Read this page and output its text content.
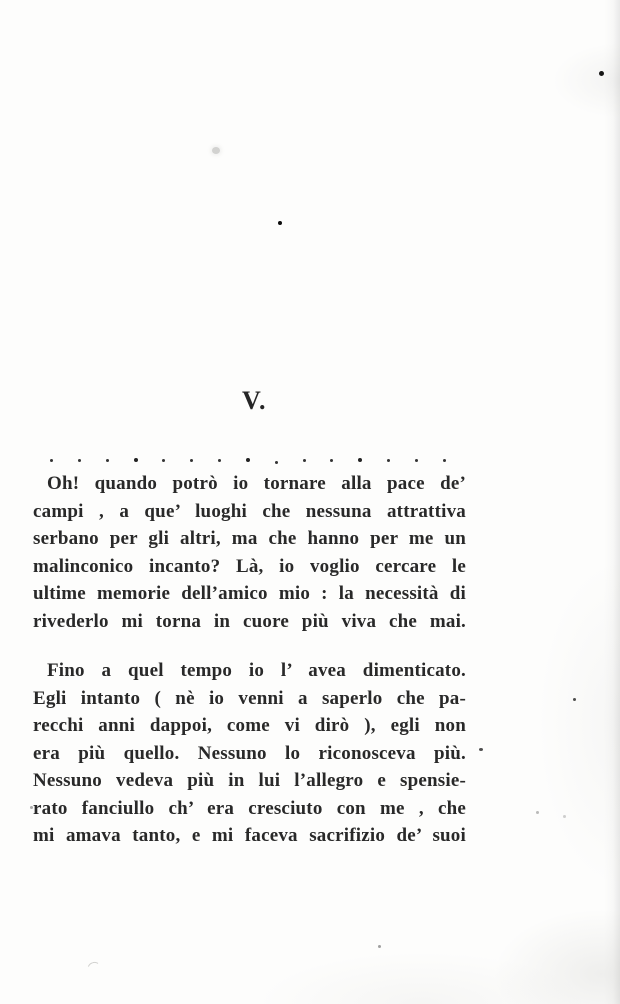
V.
Oh! quando potrò io tornare alla pace de’
campi , a que’ luoghi che nessuna attrattiva
serbano per gli altri, ma che hanno per me un
malinconico incanto? Là, io voglio cercare le
ultime memorie dell’amico mio : la necessità di
rivederlo mi torna in cuore più viva che mai.
Fino a quel tempo io l’ avea dimenticato.
Egli intanto ( nè io venni a saperlo che pa-
recchi anni dappoi, come vi dirò ), egli non
era più quello. Nessuno lo riconosceva più.
Nessuno vedeva più in lui l’allegro e spensie-
rato fanciullo ch’ era cresciuto con me , che
mi amava tanto, e mi faceva sacrifizio de’ suoi
